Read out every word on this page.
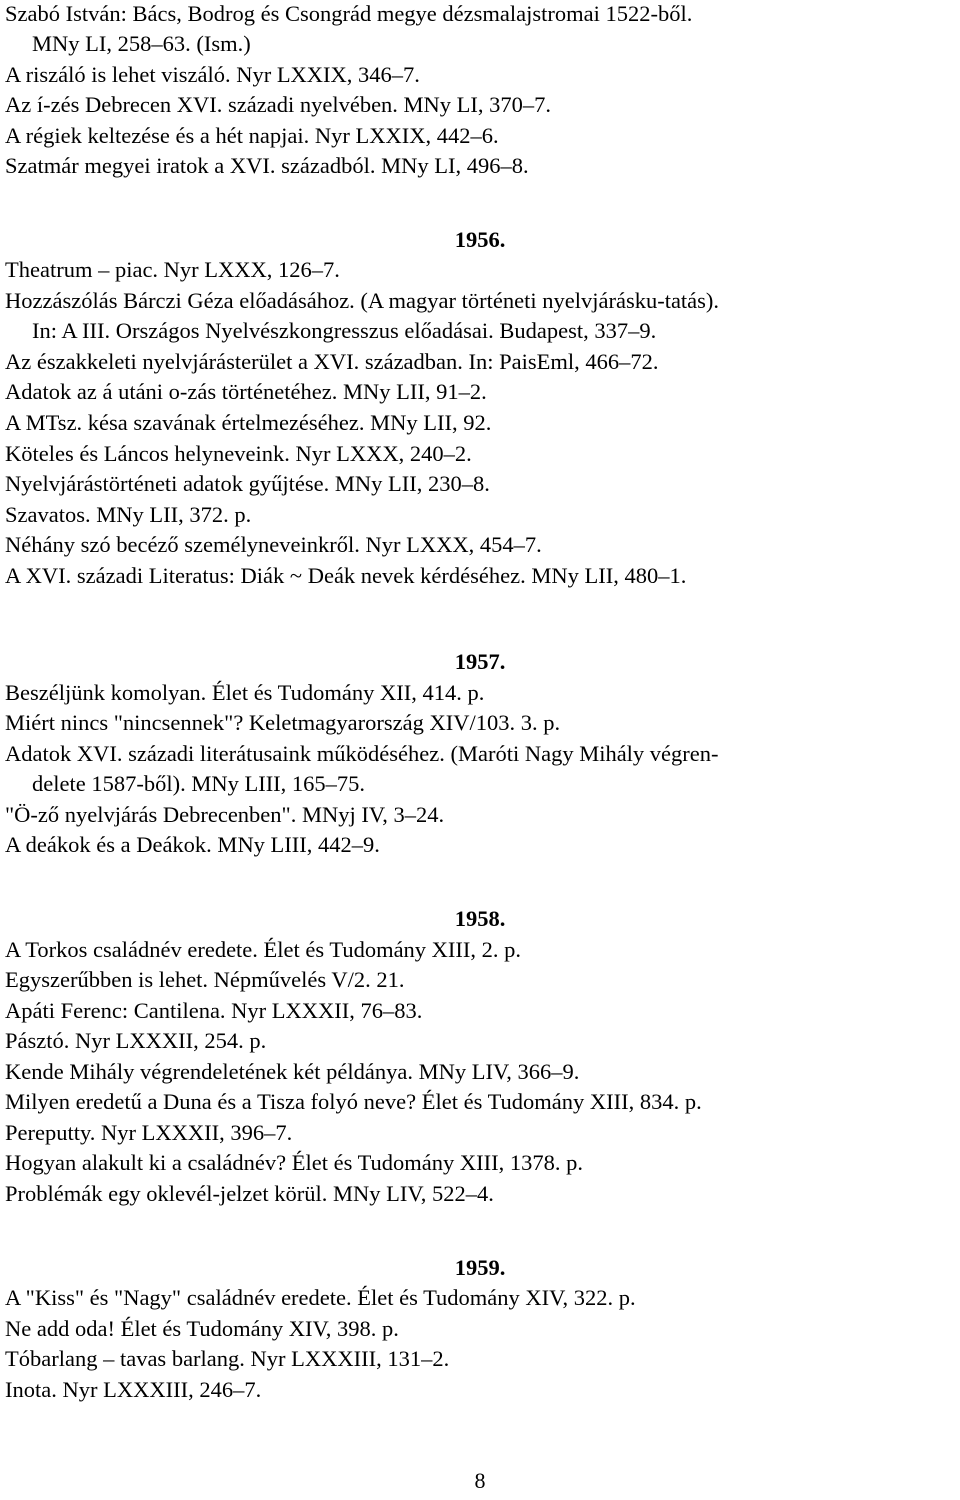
Szabó István: Bács, Bodrog és Csongrád megye dézsmalajstromai 1522-ből.
MNy LI, 258–63. (Ism.)
A riszáló is lehet viszáló. Nyr LXXIX, 346–7.
Az í-zés Debrecen XVI. századi nyelvében. MNy LI, 370–7.
A régiek keltezése és a hét napjai. Nyr LXXIX, 442–6.
Szatmár megyei iratok a XVI. századból. MNy LI, 496–8.
1956.
Theatrum – piac. Nyr LXXX, 126–7.
Hozzászólás Bárczi Géza előadásához. (A magyar történeti nyelvjárásku-tatás).
In: A III. Országos Nyelvészkongresszus előadásai. Budapest, 337–9.
Az északkeleti nyelvjárásterület a XVI. században. In: PaisEml, 466–72.
Adatok az á utáni o-zás történetéhez. MNy LII, 91–2.
A MTsz. késa szavának értelmezéséhez. MNy LII, 92.
Köteles és Láncos helyneveink. Nyr LXXX, 240–2.
Nyelvjárástörténeti adatok gyűjtése. MNy LII, 230–8.
Szavatos. MNy LII, 372. p.
Néhány szó becéző személyneveinkről. Nyr LXXX, 454–7.
A XVI. századi Literatus: Diák ~ Deák nevek kérdéséhez. MNy LII, 480–1.
1957.
Beszéljünk komolyan. Élet és Tudomány XII, 414. p.
Miért nincs "nincsennek"? Keletmagyarország XIV/103. 3. p.
Adatok XVI. századi literátusaink működéséhez. (Maróti Nagy Mihály végren-
delete 1587-ből). MNy LIII, 165–75.
"Ö-ző nyelvjárás Debrecenben". MNyj IV, 3–24.
A deákok és a Deákok. MNy LIII, 442–9.
1958.
A Torkos családnév eredete. Élet és Tudomány XIII, 2. p.
Egyszerűbben is lehet. Népművelés V/2. 21.
Apáti Ferenc: Cantilena. Nyr LXXXII, 76–83.
Pásztó. Nyr LXXXII, 254. p.
Kende Mihály végrendeletének két példánya. MNy LIV, 366–9.
Milyen eredetű a Duna és a Tisza folyó neve? Élet és Tudomány XIII, 834. p.
Pereputty. Nyr LXXXII, 396–7.
Hogyan alakult ki a családnév? Élet és Tudomány XIII, 1378. p.
Problémák egy oklevél-jelzet körül. MNy LIV, 522–4.
1959.
A "Kiss" és "Nagy" családnév eredete. Élet és Tudomány XIV, 322. p.
Ne add oda! Élet és Tudomány XIV, 398. p.
Tóbarlang – tavas barlang. Nyr LXXXIII, 131–2.
Inota. Nyr LXXXIII, 246–7.
8
